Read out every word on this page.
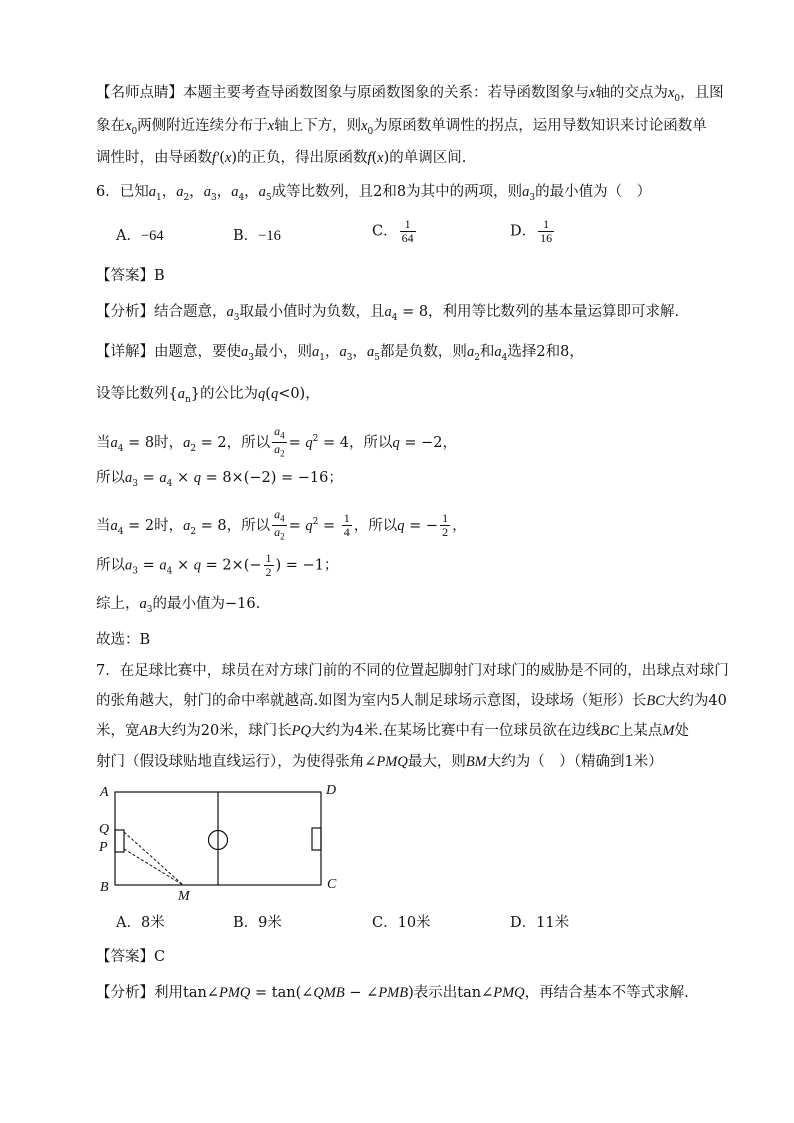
【名师点睛】本题主要考查导函数图象与原函数图象的关系：若导函数图象与x轴的交点为$x_0$，且图
象在$x_0$两侧附近连续分布于x轴上下方，则$x_0$为原函数单调性的拐点，运用导数知识来讨论函数单
调性时，由导函数f′(x)的正负，得出原函数f(x)的单调区间.
6．已知$a_1$，$a_2$，$a_3$，$a_4$，$a_5$成等比数列，且2和8为其中的两项，则$a_3$的最小值为（　）
A．−64	B．−16	C． $\frac{1}{64}$	D． $\frac{1}{16}$
【答案】B
【分析】结合题意，$a_3$取最小值时为负数，且$a_4 = 8$，利用等比数列的基本量运算即可求解.
【详解】由题意，要使$a_3$最小，则$a_1$，$a_3$，$a_5$都是负数，则$a_2$和$a_4$选择2和8，
设等比数列$\{a_n\}$的公比为q(q<0)，
当$a_4 = 8$时，$a_2 = 2$，所以 $\frac{a_4}{a_2} = q^2 = 4$，所以q = −2，
所以$a_3 = a_4 \times q = 8\times(-2) = -16$；
当$a_4 = 2$时，$a_2 = 8$，所以 $\frac{a_4}{a_2} = q^2 = \frac{1}{4}$ ，所以q = − $\frac{1}{2}$ ，
所以$a_3 = a_4 \times q = 2\times(- \frac{1}{2}$ ) = −1；
综上，$a_3$的最小值为−16.
故选：B
7．在足球比赛中，球员在对方球门前的不同的位置起脚射门对球门的威胁是不同的，出球点对球门
的张角越大，射门的命中率就越高.如图为室内5人制足球场示意图，设球场（矩形）长BC大约为40
米，宽AB大约为20米，球门长PQ大约为4米.在某场比赛中有一位球员欲在边线BC上某点M处
射门（假设球贴地直线运行），为使得张角∠PMQ最大，则BM大约为（　）（精确到1米）
A	D
Q
P
B	C
M
A．8米	B．9米	C．10米	D．11米
【答案】C
【分析】利用tan∠PMQ = tan(∠QMB − ∠PMB)表示出tan∠PMQ，再结合基本不等式求解.
